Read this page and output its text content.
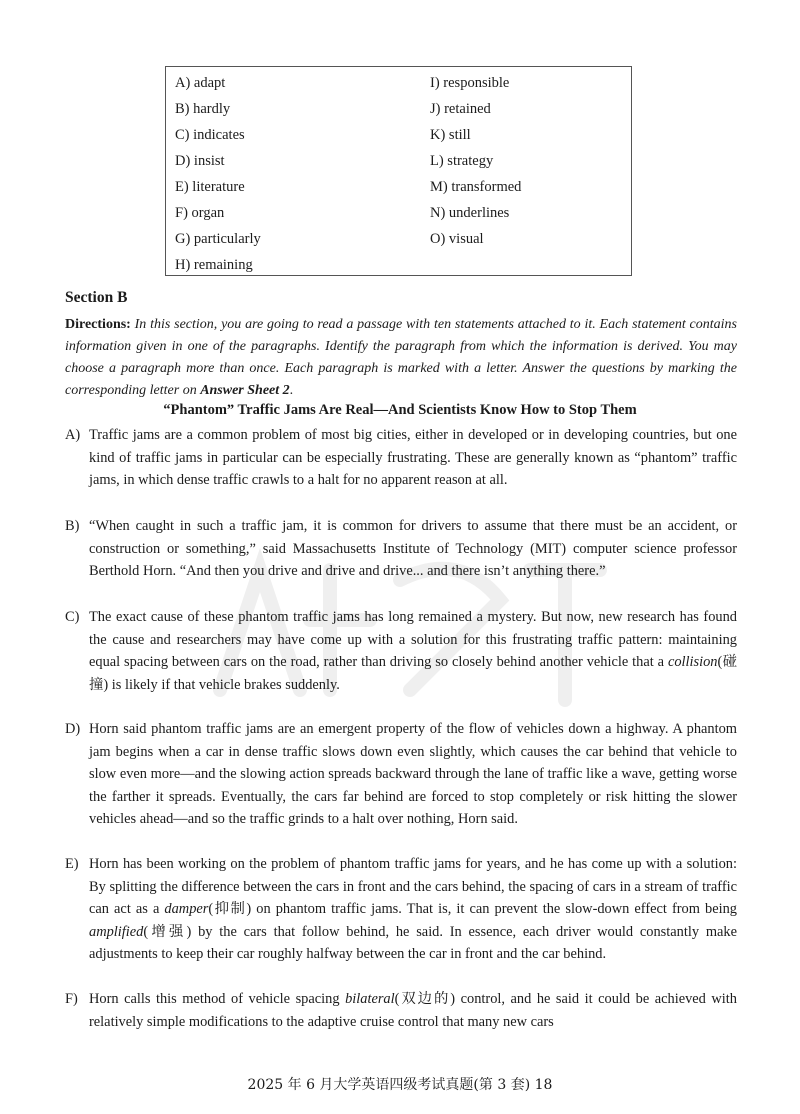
A) adapt
B) hardly
C) indicates
D) insist
E) literature
F) organ
G) particularly
H) remaining
I) responsible
J) retained
K) still
L) strategy
M) transformed
N) underlines
O) visual
Section B
Directions: In this section, you are going to read a passage with ten statements attached to it. Each statement contains information given in one of the paragraphs. Identify the paragraph from which the information is derived. You may choose a paragraph more than once. Each paragraph is marked with a letter. Answer the questions by marking the corresponding letter on Answer Sheet 2.
“Phantom” Traffic Jams Are Real—And Scientists Know How to Stop Them
A) Traffic jams are a common problem of most big cities, either in developed or in developing countries, but one kind of traffic jams in particular can be especially frustrating. These are generally known as “phantom” traffic jams, in which dense traffic crawls to a halt for no apparent reason at all.
B) “When caught in such a traffic jam, it is common for drivers to assume that there must be an accident, or construction or something,” said Massachusetts Institute of Technology (MIT) computer science professor Berthold Horn. “And then you drive and drive and drive... and there isn’t anything there.”
C) The exact cause of these phantom traffic jams has long remained a mystery. But now, new research has found the cause and researchers may have come up with a solution for this frustrating traffic pattern: maintaining equal spacing between cars on the road, rather than driving so closely behind another vehicle that a collision(碰撞) is likely if that vehicle brakes suddenly.
D) Horn said phantom traffic jams are an emergent property of the flow of vehicles down a highway. A phantom jam begins when a car in dense traffic slows down even slightly, which causes the car behind that vehicle to slow even more—and the slowing action spreads backward through the lane of traffic like a wave, getting worse the farther it spreads. Eventually, the cars far behind are forced to stop completely or risk hitting the slower vehicles ahead—and so the traffic grinds to a halt over nothing, Horn said.
E) Horn has been working on the problem of phantom traffic jams for years, and he has come up with a solution: By splitting the difference between the cars in front and the cars behind, the spacing of cars in a stream of traffic can act as a damper(抑制) on phantom traffic jams. That is, it can prevent the slow-down effect from being amplified(增强) by the cars that follow behind, he said. In essence, each driver would constantly make adjustments to keep their car roughly halfway between the car in front and the car behind.
F) Horn calls this method of vehicle spacing bilateral(双边的) control, and he said it could be achieved with relatively simple modifications to the adaptive cruise control that many new cars
2025 年 6 月大学英语四级考试真题(第 3 套) 18
